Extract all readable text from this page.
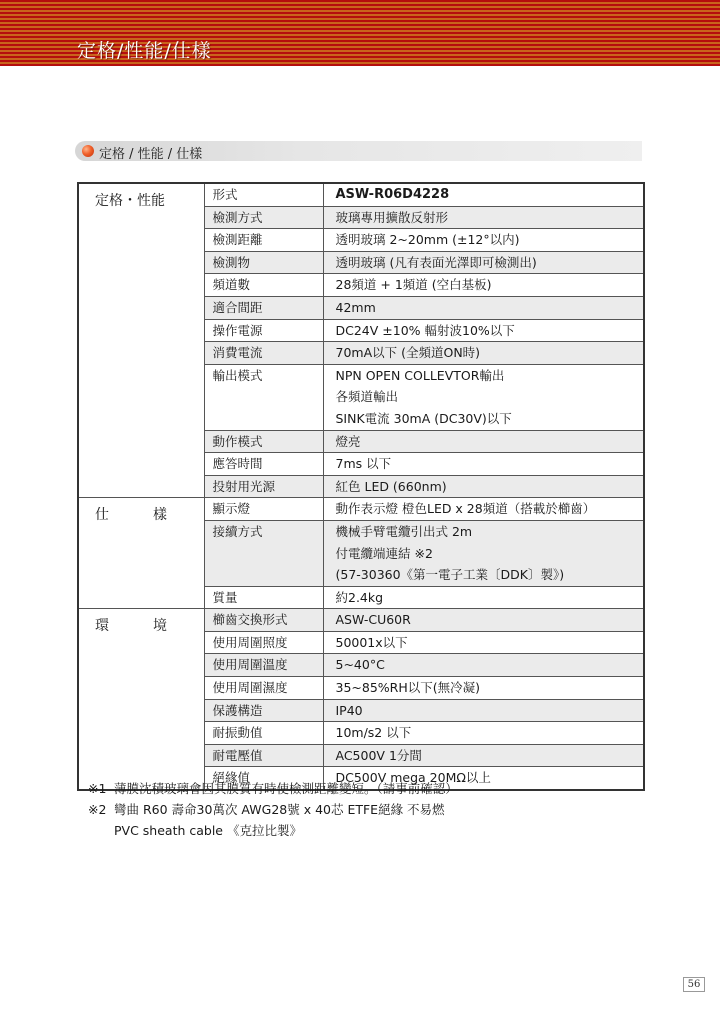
定格/性能/仕樣
定格 / 性能 / 仕樣
定格・性能	形式	ASW-R06D4228

	檢測方式	玻璃專用擴散反射形

	檢測距離	透明玻璃 2~20mm (±12°以内)

	檢測物	透明玻璃 (凡有表面光澤即可檢測出)

	頻道數	28頻道 + 1頻道 (空白基板)

	適合間距	42mm

	操作電源	DC24V ±10% 輻射波10%以下

	消費電流	70mA以下 (全頻道ON時)

	輸出模式	NPN OPEN COLLEVTOR輸出
各頻道輸出
SINK電流 30mA (DC30V)以下

	動作模式	燈亮

	應答時間	7ms 以下

	投射用光源	紅色 LED (660nm)

仕 樣	顯示燈	動作表示燈 橙色LED x 28頻道（搭載於櫛齒）

	接續方式	機械手臂電纜引出式 2m
付電纜端連結 ※2
(57-30360《第一電子工業〔DDK〕製》)

	質量	約2.4kg

環 境	櫛齒交換形式	ASW-CU60R

	使用周圍照度	50001x以下

	使用周圍溫度	5~40°C

	使用周圍濕度	35~85%RH以下(無冷凝)

	保護構造	IP40

	耐振動值	10m/s2 以下

	耐電壓值	AC500V 1分間

	絕緣值	DC500V mega 20MΩ以上
※1 薄膜沈積玻璃會因其膜質有時使檢測距離變短。（請事前確認）
※2 彎曲 R60 壽命30萬次 AWG28號 x 40芯 ETFE絕緣 不易燃
PVC sheath cable 《克拉比製》
56
